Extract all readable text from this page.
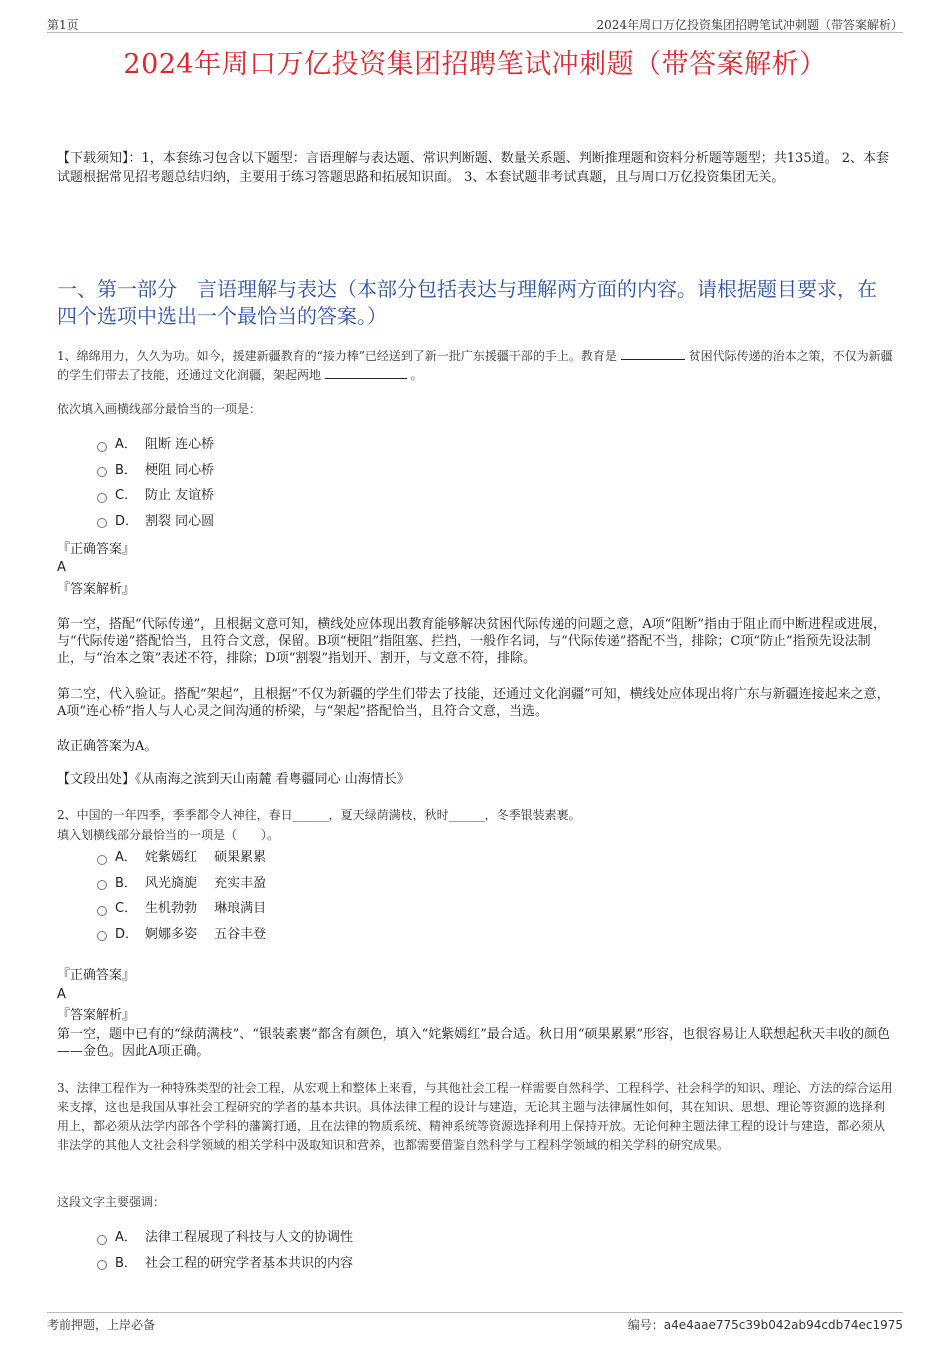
第1页	2024年周口万亿投资集团招聘笔试冲刺题（带答案解析）
2024年周口万亿投资集团招聘笔试冲刺题（带答案解析）
【下载须知】：1，本套练习包含以下题型：言语理解与表达题、常识判断题、数量关系题、判断推理题和资料分析题等题型；共135道。 2、本套试题根据常见招考题总结归纳，主要用于练习答题思路和拓展知识面。 3、本套试题非考试真题，且与周口万亿投资集团无关。
一、第一部分　言语理解与表达（本部分包括表达与理解两方面的内容。请根据题目要求，在四个选项中选出一个最恰当的答案。）
1、绵绵用力，久久为功。如今，援建新疆教育的“接力棒”已经送到了新一批广东援疆干部的手上。教育是	贫困代际传递的治本之策，不仅为新疆的学生们带去了技能，还通过文化润疆，架起两地	。
依次填入画横线部分最恰当的一项是：
A． 阻断 连心桥
B． 梗阻 同心桥
C． 防止 友谊桥
D． 割裂 同心圆
『正确答案』
A
『答案解析』
第一空，搭配“代际传递”，且根据文意可知，横线处应体现出教育能够解决贫困代际传递的问题之意，A项“阻断”指由于阻止而中断进程或进展，与“代际传递”搭配恰当，且符合文意，保留。B项“梗阻”指阻塞、拦挡，一般作名词，与“代际传递”搭配不当，排除；C项“防止”指预先设法制止，与“治本之策”表述不符，排除；D项“割裂”指划开、割开，与文意不符，排除。
第二空，代入验证。搭配“架起”，且根据“不仅为新疆的学生们带去了技能，还通过文化润疆”可知，横线处应体现出将广东与新疆连接起来之意，A项“连心桥”指人与人心灵之间沟通的桥梁，与“架起”搭配恰当，且符合文意，当选。
故正确答案为A。
【文段出处】《从南海之滨到天山南麓 看粤疆同心 山海情长》
2、中国的一年四季，季季都令人神往，春日______，夏天绿荫满枝，秋时______，冬季银装素裹。
填入划横线部分最恰当的一项是（　　）。
A． 姹紫嫣红　 硕果累累
B． 风光旖旎　 充实丰盈
C． 生机勃勃　 琳琅满目
D． 婀娜多姿　 五谷丰登
『正确答案』
A
『答案解析』
第一空，题中已有的“绿荫满枝”、“银装素裹”都含有颜色，填入“姹紫嫣红”最合适。秋日用“硕果累累”形容，也很容易让人联想起秋天丰收的颜色——金色。因此A项正确。
3、法律工程作为一种特殊类型的社会工程，从宏观上和整体上来看，与其他社会工程一样需要自然科学、工程科学、社会科学的知识、理论、方法的综合运用来支撑，这也是我国从事社会工程研究的学者的基本共识。具体法律工程的设计与建造，无论其主题与法律属性如何，其在知识、思想、理论等资源的选择利用上，都必须从法学内部各个学科的藩篱打通，且在法律的物质系统、精神系统等资源选择利用上保持开放。无论何种主题法律工程的设计与建造，都必须从非法学的其他人文社会科学领域的相关学科中汲取知识和营养，也都需要借鉴自然科学与工程科学领域的相关学科的研究成果。
这段文字主要强调：
A． 法律工程展现了科技与人文的协调性
B． 社会工程的研究学者基本共识的内容
考前押题，上岸必备	编号：a4e4aae775c39b042ab94cdb74ec1975
